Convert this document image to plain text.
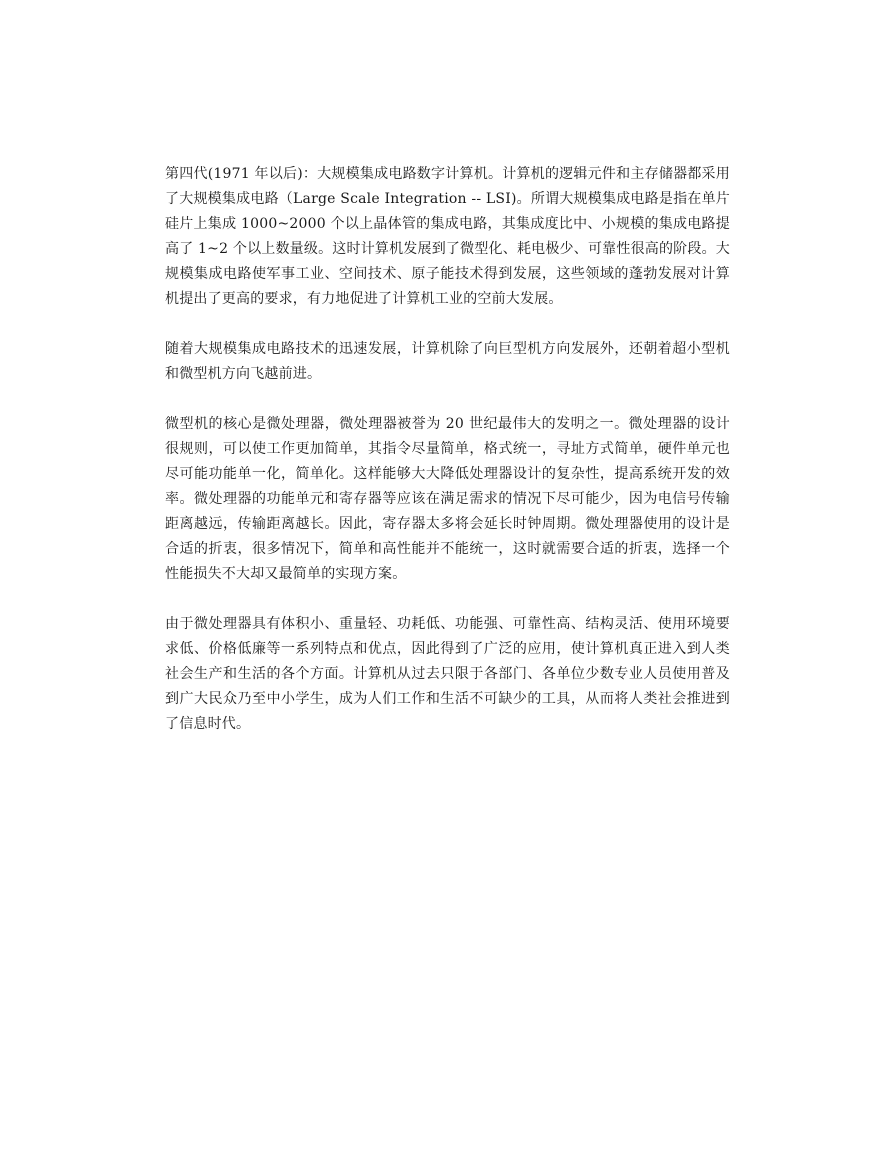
第四代(1971 年以后)：大规模集成电路数字计算机。计算机的逻辑元件和主存储器都采用了大规模集成电路（Large Scale Integration -- LSI)。所谓大规模集成电路是指在单片硅片上集成 1000~2000 个以上晶体管的集成电路，其集成度比中、小规模的集成电路提高了 1~2 个以上数量级。这时计算机发展到了微型化、耗电极少、可靠性很高的阶段。大规模集成电路使军事工业、空间技术、原子能技术得到发展，这些领域的蓬勃发展对计算机提出了更高的要求，有力地促进了计算机工业的空前大发展。

随着大规模集成电路技术的迅速发展，计算机除了向巨型机方向发展外，还朝着超小型机和微型机方向飞越前进。

微型机的核心是微处理器，微处理器被誉为 20 世纪最伟大的发明之一。微处理器的设计很规则，可以使工作更加简单，其指令尽量简单，格式统一，寻址方式简单，硬件单元也尽可能功能单一化，简单化。这样能够大大降低处理器设计的复杂性，提高系统开发的效率。微处理器的功能单元和寄存器等应该在满足需求的情况下尽可能少，因为电信号传输距离越远，传输距离越长。因此，寄存器太多将会延长时钟周期。微处理器使用的设计是合适的折衷，很多情况下，简单和高性能并不能统一，这时就需要合适的折衷，选择一个性能损失不大却又最简单的实现方案。

由于微处理器具有体积小、重量轻、功耗低、功能强、可靠性高、结构灵活、使用环境要求低、价格低廉等一系列特点和优点，因此得到了广泛的应用，使计算机真正进入到人类社会生产和生活的各个方面。计算机从过去只限于各部门、各单位少数专业人员使用普及到广大民众乃至中小学生，成为人们工作和生活不可缺少的工具，从而将人类社会推进到了信息时代。
